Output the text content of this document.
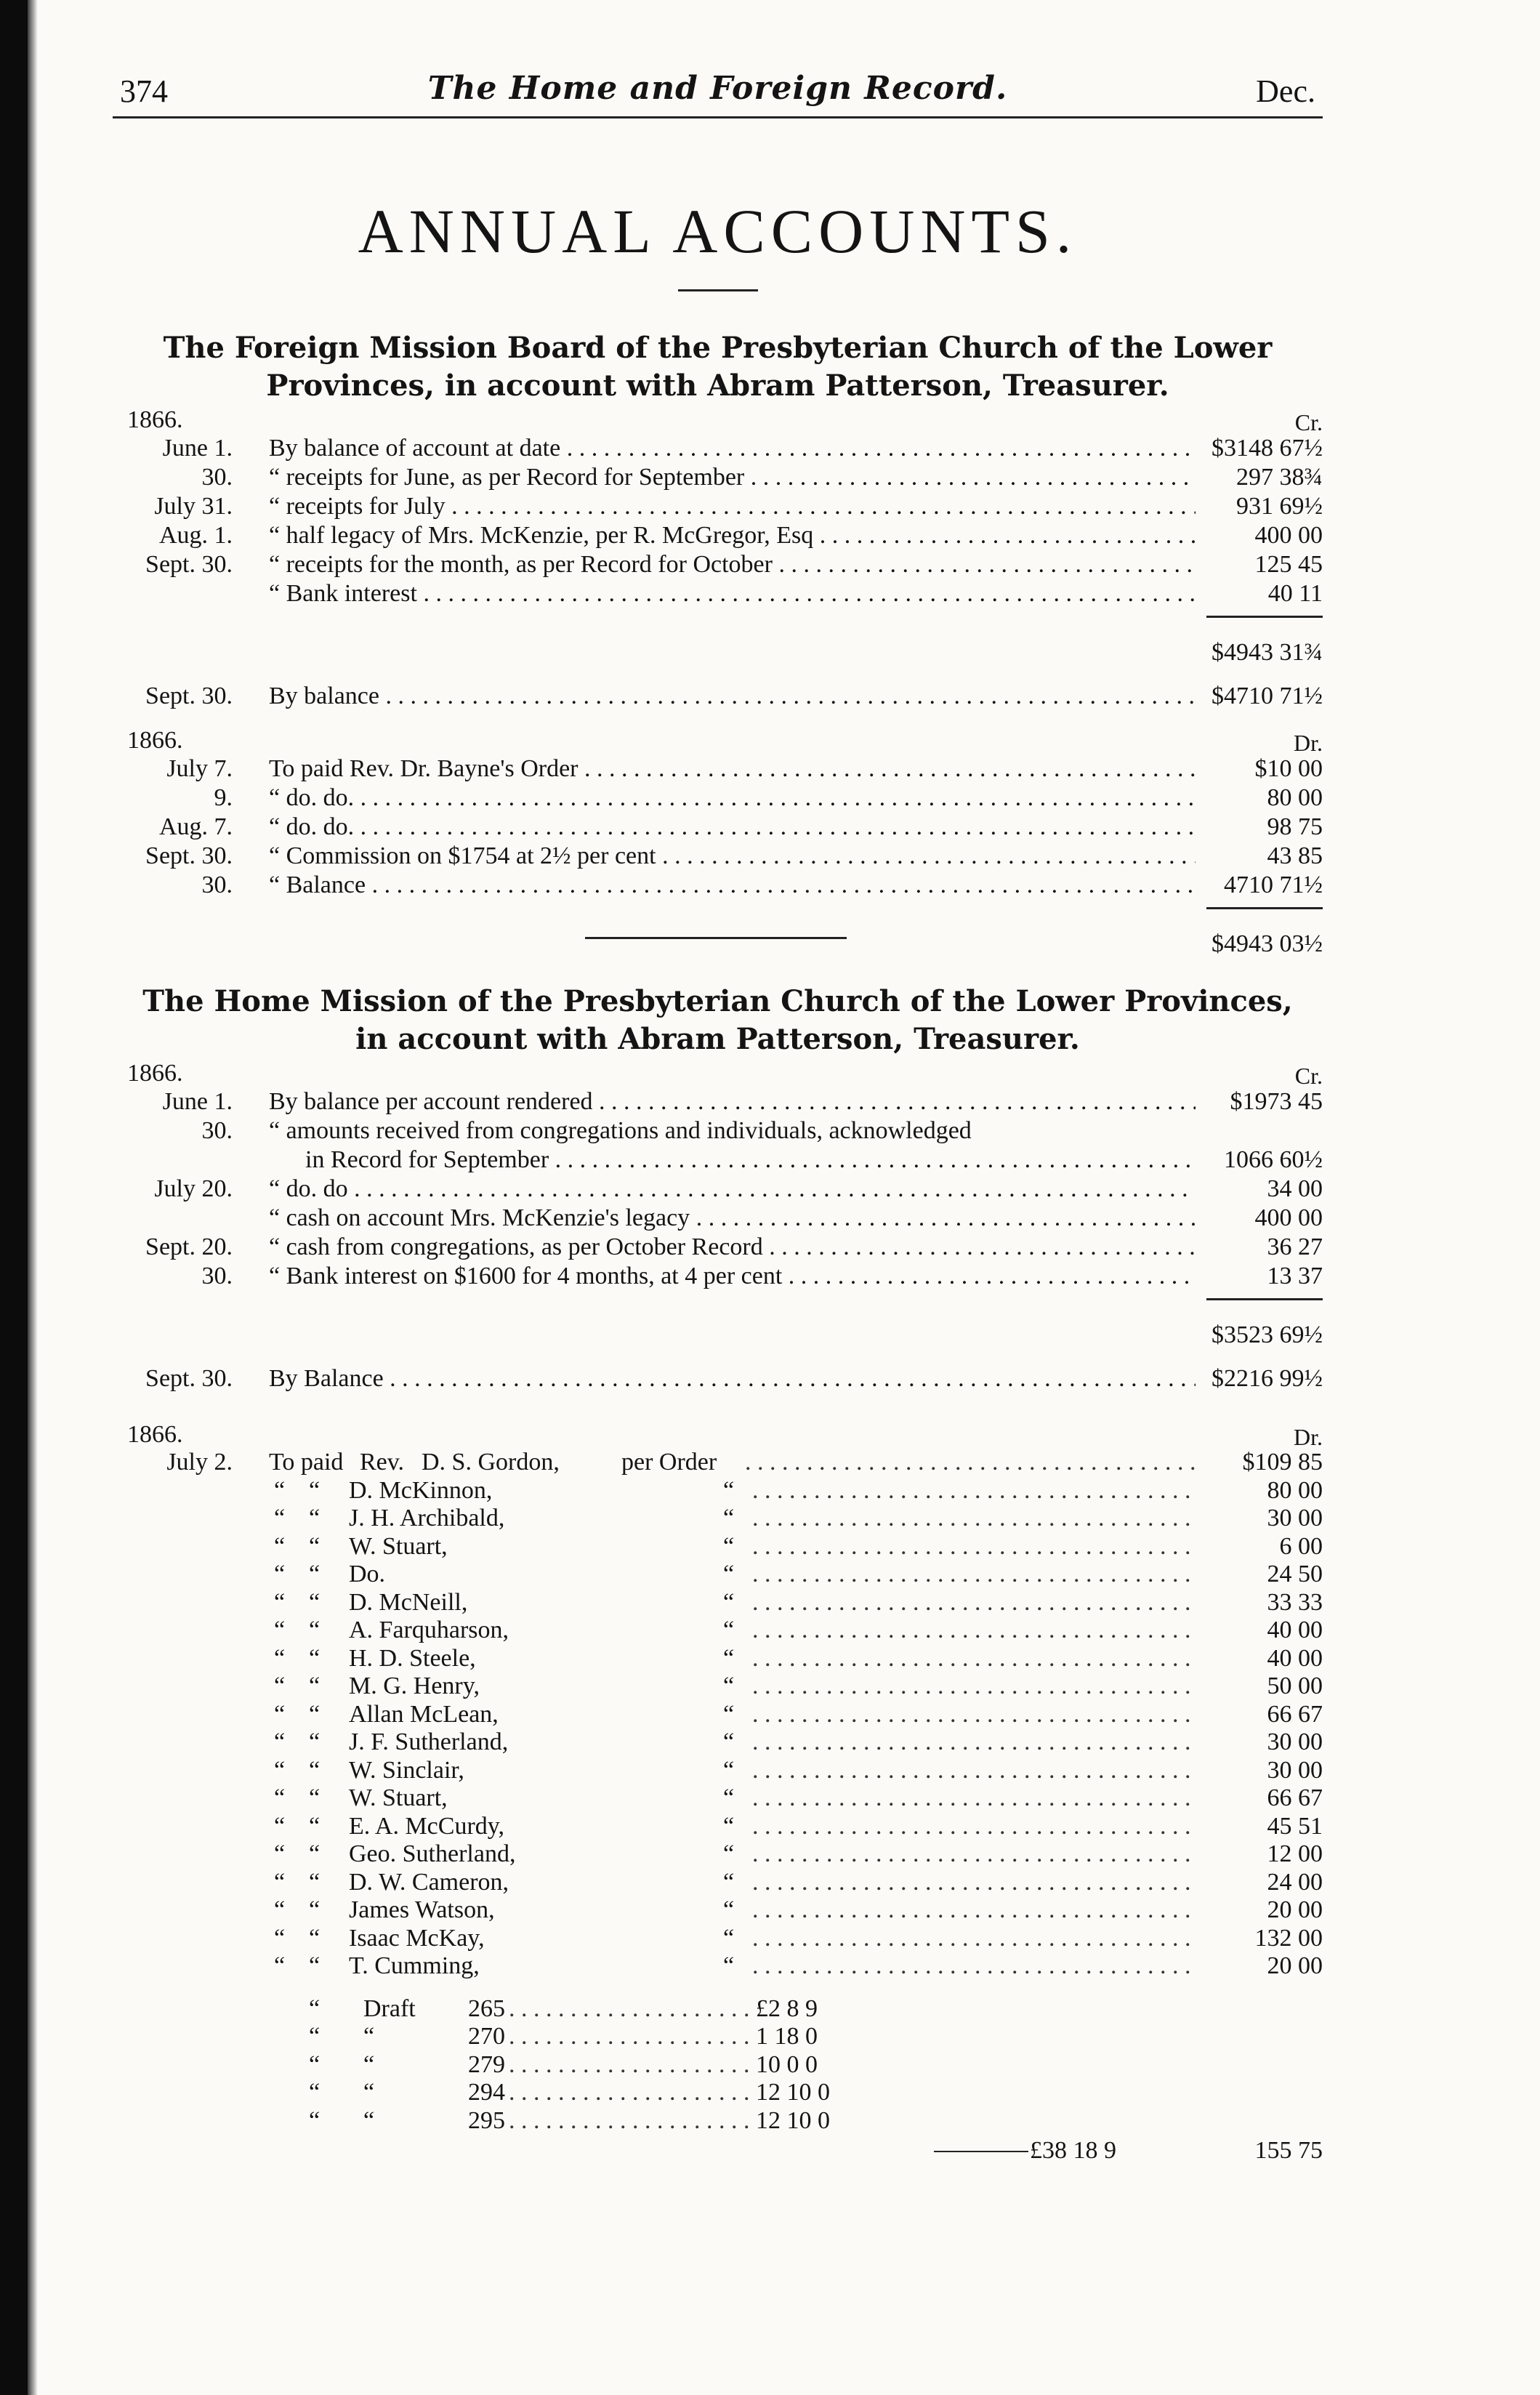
374	The Home and Foreign Record.	Dec.
ANNUAL ACCOUNTS.
The Foreign Mission Board of the Presbyterian Church of the Lower
Provinces, in account with Abram Patterson, Treasurer.
1866.	Cr.
June 1. By balance of account at date . . .	$3148 67½
30. “ receipts for June, as per Record for September . . .	297 38¾
July 31. “ receipts for July . . .	931 69½
Aug. 1. “ half legacy of Mrs. McKenzie, per R. McGregor, Esq . . .	400 00
Sept. 30. “ receipts for the month, as per Record for October . . .	125 45
“ Bank interest . . .	40 11
$4943 31¾
Sept. 30. By balance . . .	$4710 71½
1866.	Dr.
July 7. To paid Rev. Dr. Bayne's Order . . .	$10 00
9. “ do. do. . . .	80 00
Aug. 7. “ do. do. . . .	98 75
Sept. 30. “ Commission on $1754 at 2½ per cent . . .	43 85
30. “ Balance . . .	4710 71½
$4943 03½
The Home Mission of the Presbyterian Church of the Lower Provinces,
in account with Abram Patterson, Treasurer.
1866.	Cr.
June 1. By balance per account rendered . . .	$1973 45
30. “ amounts received from congregations and individuals, acknowledged
in Record for September . . .	1066 60½
July 20. “ do. do . . .	34 00
“ cash on account Mrs. McKenzie's legacy . . .	400 00
Sept. 20. “ cash from congregations, as per October Record . . .	36 27
30. “ Bank interest on $1600 for 4 months, at 4 per cent . . .	13 37
$3523 69½
Sept. 30. By Balance . . .	$2216 99½
1866.	Dr.
July 2. To paid Rev. D. S. Gordon,	per Order . . .	$109 85
“ “	D. McKinnon,	“ . . .	80 00
“ “	J. H. Archibald,	“ . . .	30 00
“ “	W. Stuart,	“ . . .	6 00
“ “	Do.	“ . . .	24 50
“ “	D. McNeill,	“ . . .	33 33
“ “	A. Farquharson,	“ . . .	40 00
“ “	H. D. Steele,	“ . . .	40 00
“ “	M. G. Henry,	“ . . .	50 00
“ “	Allan McLean,	“ . . .	66 67
“ “	J. F. Sutherland,	“ . . .	30 00
“ “	W. Sinclair,	“ . . .	30 00
“ “	W. Stuart,	“ . . .	66 67
“ “	E. A. McCurdy,	“ . . .	45 51
“ “	Geo. Sutherland,	“ . . .	12 00
“ “	D. W. Cameron,	“ . . .	24 00
“ “	James Watson,	“ . . .	20 00
“ “	Isaac McKay,	“ . . .	132 00
“ “	T. Cumming,	“ . . .	20 00
“ Draft	265 . . .	£2 8 9
“ “	270 . . .	1 18 0
“ “	279 . . .	10 0 0
“ “	294 . . .	12 10 0
“ “	295 . . .	12 10 0
£38 18 9	155 75
